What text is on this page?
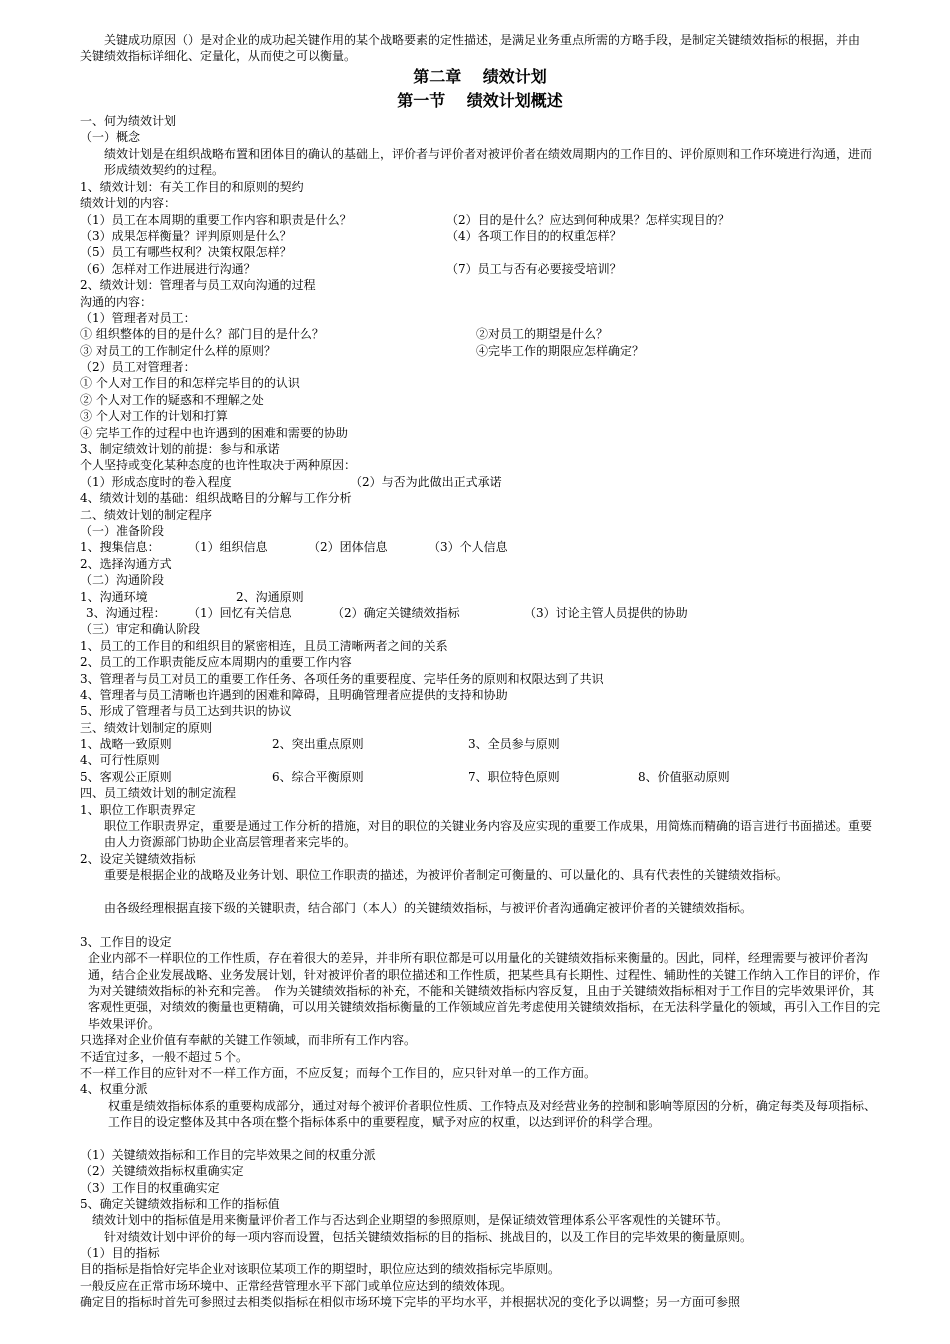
关键成功原因（）是对企业的成功起关键作用的某个战略要素的定性描述，是满足业务重点所需的方略手段，是制定关键绩效指标的根据，并由关键绩效指标详细化、定量化，从而使之可以衡量。
第二章　 绩效计划
第一节　 绩效计划概述
一、何为绩效计划
（一）概念
绩效计划是在组织战略布置和团体目的确认的基础上，评价者与评价者对被评价者在绩效周期内的工作目的、评价原则和工作环境进行沟通，进而形成绩效契约的过程。
1、绩效计划：有关工作目的和原则的契约
绩效计划的内容：
（1）员工在本周期的重要工作内容和职责是什么？	（2）目的是什么？应达到何种成果？怎样实现目的？
（3）成果怎样衡量？评判原则是什么？	（4）各项工作目的的权重怎样？
（5）员工有哪些权利？决策权限怎样？
（6）怎样对工作进展进行沟通？	（7）员工与否有必要接受培训？
2、绩效计划：管理者与员工双向沟通的过程
沟通的内容：
（1）管理者对员工：
① 组织整体的目的是什么？部门目的是什么？	②对员工的期望是什么？
③ 对员工的工作制定什么样的原则？	④完毕工作的期限应怎样确定？
（2）员工对管理者：
① 个人对工作目的和怎样完毕目的的认识
② 个人对工作的疑惑和不理解之处
③ 个人对工作的计划和打算
④ 完毕工作的过程中也许遇到的困难和需要的协助
3、制定绩效计划的前提：参与和承诺
个人坚持或变化某种态度的也许性取决于两种原因：
（1）形成态度时的卷入程度	（2）与否为此做出正式承诺
4、绩效计划的基础：组织战略目的分解与工作分析
二、绩效计划的制定程序
（一）准备阶段
1、搜集信息： （1）组织信息	（2）团体信息	（3）个人信息
2、选择沟通方式
（二）沟通阶段
1、沟通环境	2、沟通原则
3、沟通过程： （1）回忆有关信息	（2）确定关键绩效指标	（3）讨论主管人员提供的协助
（三）审定和确认阶段
1、员工的工作目的和组织目的紧密相连，且员工清晰两者之间的关系
2、员工的工作职责能反应本周期内的重要工作内容
3、管理者与员工对员工的重要工作任务、各项任务的重要程度、完毕任务的原则和权限达到了共识
4、管理者与员工清晰也许遇到的困难和障碍，且明确管理者应提供的支持和协助
5、形成了管理者与员工达到共识的协议
三、绩效计划制定的原则
1、战略一致原则	2、突出重点原则	3、全员参与原则
4、可行性原则
5、客观公正原则	6、综合平衡原则	7、职位特色原则	8、价值驱动原则
四、员工绩效计划的制定流程
1、职位工作职责界定
职位工作职责界定，重要是通过工作分析的措施，对目的职位的关键业务内容及应实现的重要工作成果，用简炼而精确的语言进行书面描述。重要由人力资源部门协助企业高层管理者来完毕的。
2、设定关键绩效指标
重要是根据企业的战略及业务计划、职位工作职责的描述，为被评价者制定可衡量的、可以量化的、具有代表性的关键绩效指标。
由各级经理根据直接下级的关键职责，结合部门（本人）的关键绩效指标，与被评价者沟通确定被评价者的关键绩效指标。
3、工作目的设定
企业内部不一样职位的工作性质，存在着很大的差异，并非所有职位都是可以用量化的关键绩效指标来衡量的。因此，同样，经理需要与被评价者沟通，结合企业发展战略、业务发展计划，针对被评价者的职位描述和工作性质，把某些具有长期性、过程性、辅助性的关键工作纳入工作目的评价，作为对关键绩效指标的补充和完善。　作为关键绩效指标的补充，不能和关键绩效指标内容反复，且由于关键绩效指标相对于工作目的完毕效果评价，其客观性更强，对绩效的衡量也更精确，可以用关键绩效指标衡量的工作领域应首先考虑使用关键绩效指标，在无法科学量化的领域，再引入工作目的完毕效果评价。
只选择对企业价值有奉献的关键工作领域，而非所有工作内容。
不适宜过多，一般不超过５个。
不一样工作目的应针对不一样工作方面，不应反复；而每个工作目的，应只针对单一的工作方面。
4、权重分派
权重是绩效指标体系的重要构成部分，通过对每个被评价者职位性质、工作特点及对经营业务的控制和影响等原因的分析，确定每类及每项指标、工作目的设定整体及其中各项在整个指标体系中的重要程度，赋予对应的权重，以达到评价的科学合理。
（1）关键绩效指标和工作目的完毕效果之间的权重分派
（2）关键绩效指标权重确实定
（3）工作目的权重确实定
5、确定关键绩效指标和工作的指标值
绩效计划中的指标值是用来衡量评价者工作与否达到企业期望的参照原则，是保证绩效管理体系公平客观性的关键环节。
针对绩效计划中评价的每一项内容而设置，包括关键绩效指标的目的指标、挑战目的，以及工作目的完毕效果的衡量原则。
（1）目的指标
目的指标是指恰好完毕企业对该职位某项工作的期望时，职位应达到的绩效指标完毕原则。
一般反应在正常市场环境中、正常经营管理水平下部门或单位应达到的绩效体现。
确定目的指标时首先可参照过去相类似指标在相似市场环境下完毕的平均水平，并根据状况的变化予以调整；另一方面可参照
